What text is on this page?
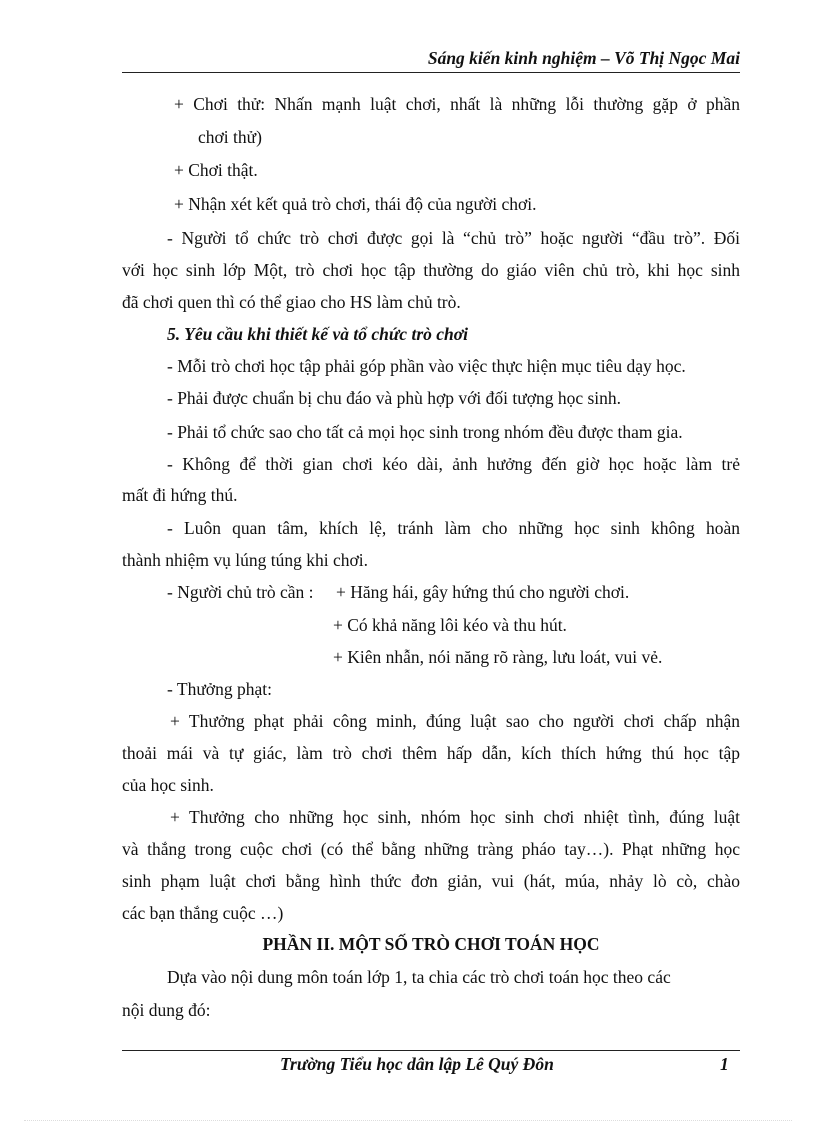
Sáng kiến kinh nghiệm – Võ Thị Ngọc Mai
+ Chơi thử: Nhấn mạnh luật chơi, nhất là những lỗi thường gặp ở phần
chơi thử)
+ Chơi thật.
+ Nhận xét kết quả trò chơi, thái độ của người chơi.
- Người tổ chức trò chơi được gọi là “chủ trò” hoặc người “đầu trò”. Đối
với học sinh lớp Một, trò chơi học tập thường do giáo viên chủ trò, khi học sinh
đã chơi quen thì có thể giao cho HS làm chủ trò.
5. Yêu cầu khi thiết kế và tổ chức trò chơi
- Mỗi trò chơi học tập phải góp phần vào việc thực hiện mục tiêu dạy học.
- Phải được chuẩn bị chu đáo và phù hợp với đối tượng học sinh.
- Phải tổ chức sao cho tất cả mọi học sinh trong nhóm đều được tham gia.
- Không để thời gian chơi kéo dài, ảnh hưởng đến giờ học hoặc làm trẻ
mất đi hứng thú.
- Luôn quan tâm, khích lệ, tránh làm cho những học sinh không hoàn
thành nhiệm vụ lúng túng khi chơi.
- Người chủ trò cần :	+ Hăng hái, gây hứng thú cho người chơi.
+ Có khả năng lôi kéo và thu hút.
+ Kiên nhẫn, nói năng rõ ràng, lưu loát, vui vẻ.
- Thưởng phạt:
+ Thưởng phạt phải công minh, đúng luật sao cho người chơi chấp nhận
thoải mái và tự giác, làm trò chơi thêm hấp dẫn, kích thích hứng thú học tập
của học sinh.
+ Thưởng cho những học sinh, nhóm học sinh chơi nhiệt tình, đúng luật
và thắng trong cuộc chơi (có thể bằng những tràng pháo tay…). Phạt những học
sinh phạm luật chơi bằng hình thức đơn giản, vui (hát, múa, nhảy lò cò, chào
các bạn thắng cuộc …)
PHẦN II. MỘT SỐ TRÒ CHƠI TOÁN HỌC
Dựa vào nội dung môn toán lớp 1, ta chia các trò chơi toán học theo các
nội dung đó:
Trường Tiểu học dân lập Lê Quý Đôn	1
